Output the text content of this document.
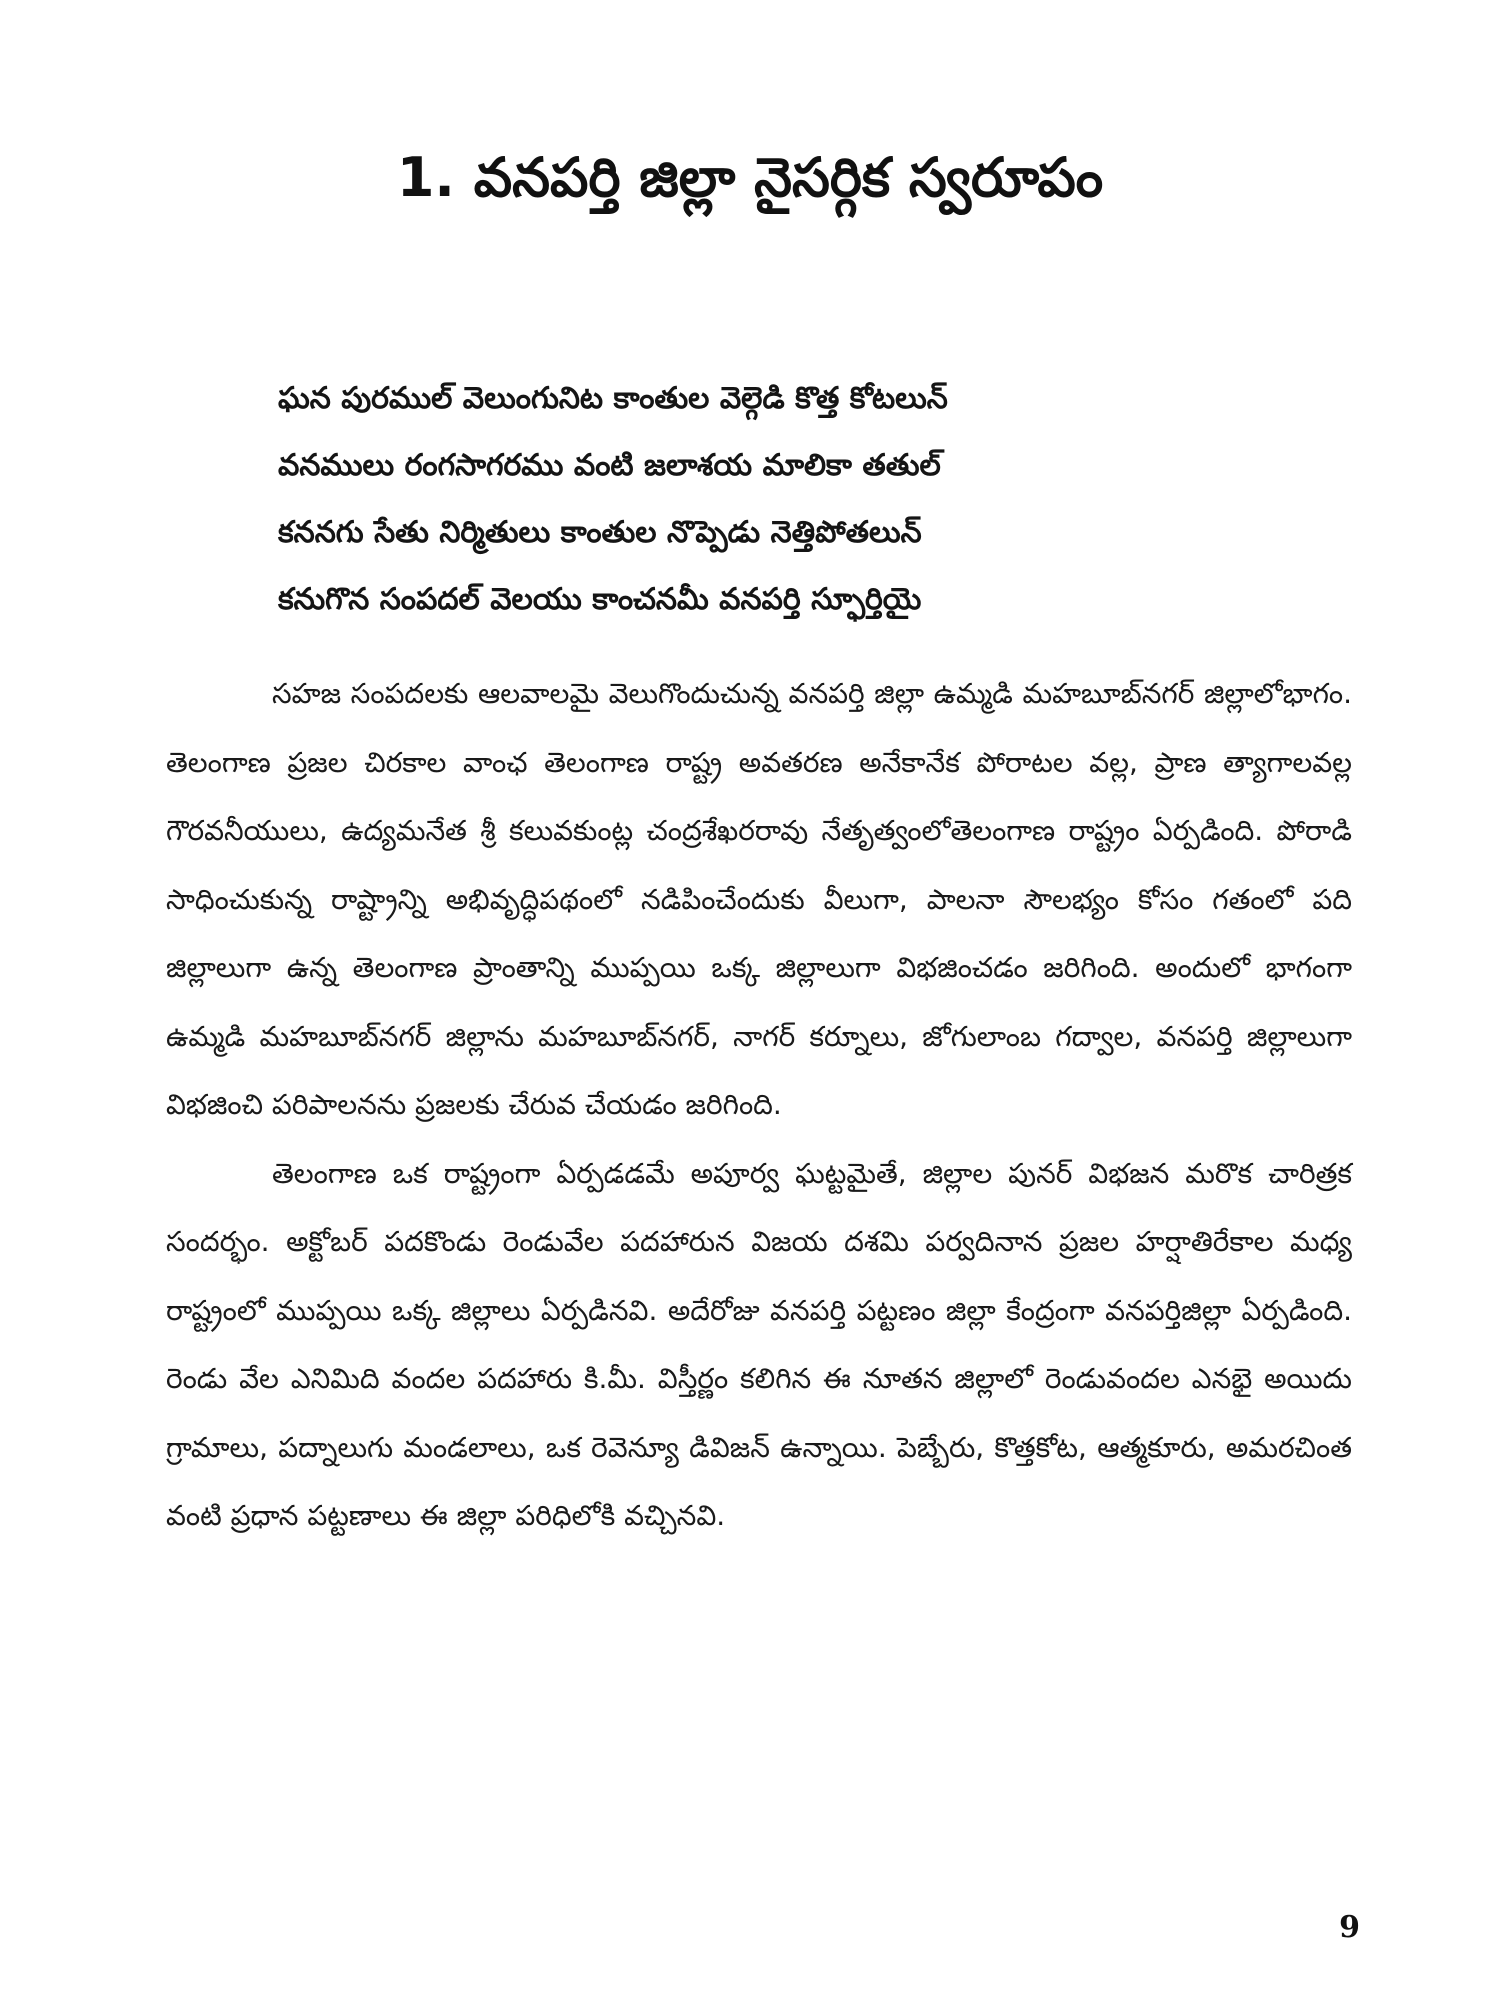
1. వనపర్తి జిల్లా నైసర్గిక స్వరూపం
ఘన పురముల్ వెలుంగునిట కాంతుల వెల్గెడి కొత్త కోటలున్
వనములు రంగసాగరము వంటి జలాశయ మాలికా తతుల్
కననగు సేతు నిర్మితులు కాంతుల నొప్పెడు నెత్తిపోతలున్
కనుగొన సంపదల్ వెలయు కాంచనమీ వనపర్తి స్ఫూర్తియై

సహజ సంపదలకు ఆలవాలమై వెలుగొందుచున్న వనపర్తి జిల్లా ఉమ్మడి మహబూబ్‌నగర్ జిల్లాలోభాగం. తెలంగాణ ప్రజల చిరకాల వాంఛ తెలంగాణ రాష్ట్ర అవతరణ అనేకానేక పోరాటల వల్ల, ప్రాణ త్యాగాలవల్ల గౌరవనీయులు, ఉద్యమనేత శ్రీ కలువకుంట్ల చంద్రశేఖరరావు నేతృత్వంలోతెలంగాణ రాష్ట్రం ఏర్పడింది. పోరాడి సాధించుకున్న రాష్ట్రాన్ని అభివృద్ధిపథంలో నడిపించేందుకు వీలుగా, పాలనా సౌలభ్యం కోసం గతంలో పది జిల్లాలుగా ఉన్న తెలంగాణ ప్రాంతాన్ని ముప్పయి ఒక్క జిల్లాలుగా విభజించడం జరిగింది. అందులో భాగంగా ఉమ్మడి మహబూబ్‌నగర్ జిల్లాను మహబూబ్‌నగర్, నాగర్ కర్నూలు, జోగులాంబ గద్వాల, వనపర్తి జిల్లాలుగా విభజించి పరిపాలనను ప్రజలకు చేరువ చేయడం జరిగింది.

తెలంగాణ ఒక రాష్ట్రంగా ఏర్పడడమే అపూర్వ ఘట్టమైతే, జిల్లాల పునర్ విభజన మరొక చారిత్రక సందర్భం. అక్టోబర్ పదకొండు రెండువేల పదహారున విజయ దశమి పర్వదినాన ప్రజల హర్షాతిరేకాల మధ్య రాష్ట్రంలో ముప్పయి ఒక్క జిల్లాలు ఏర్పడినవి. అదేరోజు వనపర్తి పట్టణం జిల్లా కేంద్రంగా వనపర్తిజిల్లా ఏర్పడింది. రెండు వేల ఎనిమిది వందల పదహారు కి.మీ. విస్తీర్ణం కలిగిన ఈ నూతన జిల్లాలో రెండువందల ఎనభై అయిదు గ్రామాలు, పద్నాలుగు మండలాలు, ఒక రెవెన్యూ డివిజన్ ఉన్నాయి. పెబ్బేరు, కొత్తకోట, ఆత్మకూరు, అమరచింత వంటి ప్రధాన పట్టణాలు ఈ జిల్లా పరిధిలోకి వచ్చినవి.

9
